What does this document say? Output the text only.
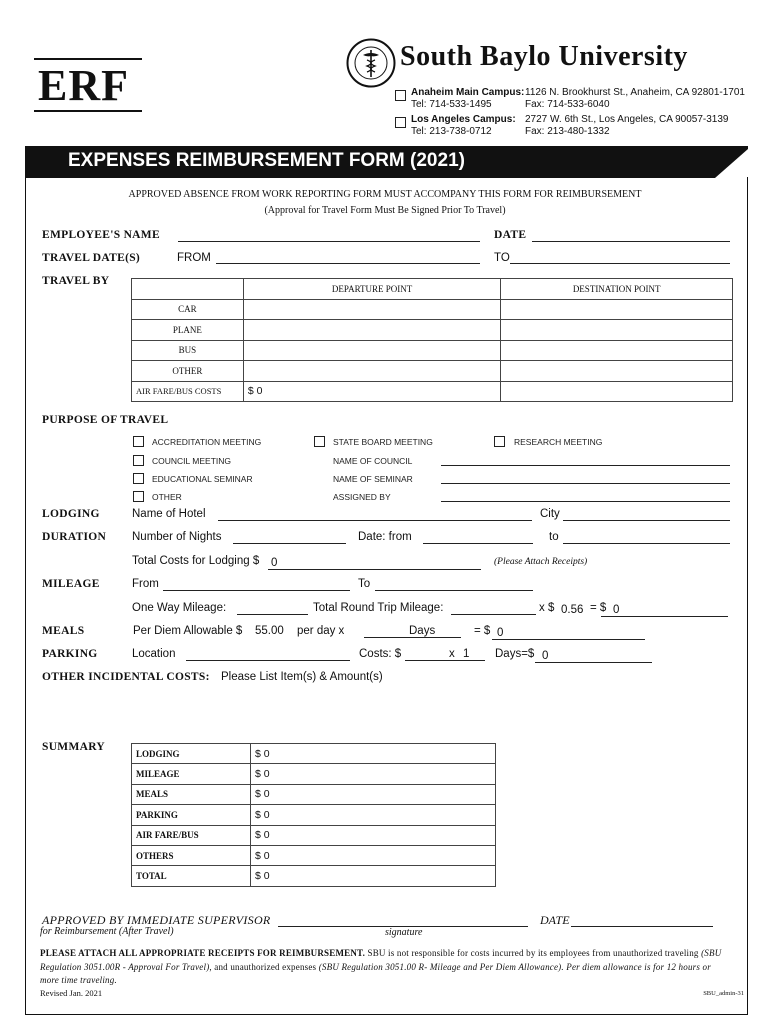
ERF
South Baylo University
Anaheim Main Campus: 1126 N. Brookhurst St., Anaheim, CA 92801-1701
Tel: 714-533-1495	Fax: 714-533-6040
Los Angeles Campus: 2727 W. 6th St., Los Angeles, CA 90057-3139
Tel: 213-738-0712	Fax: 213-480-1332
EXPENSES REIMBURSEMENT FORM (2021)
APPROVED ABSENCE FROM WORK REPORTING FORM MUST ACCOMPANY THIS FORM FOR REIMBURSEMENT
(Approval for Travel Form Must Be Signed Prior To Travel)
EMPLOYEE'S NAME	DATE
TRAVEL DATE(S)	FROM	TO
TRAVEL BY
	DEPARTURE POINT	DESTINATION POINT
CAR		
PLANE		
BUS		
OTHER		
AIR FARE/BUS COSTS	$ 0	
PURPOSE OF TRAVEL
ACCREDITATION MEETING	STATE BOARD MEETING	RESEARCH MEETING
COUNCIL MEETING	NAME OF COUNCIL
EDUCATIONAL SEMINAR	NAME OF SEMINAR
OTHER	ASSIGNED BY
LODGING	Name of Hotel	City
DURATION Number of Nights	Date: from	to
Total Costs for Lodging $ 0	(Please Attach Receipts)
MILEAGE	From	To
One Way Mileage:	Total Round Trip Mileage:	x $ 0.56 = $ 0
MEALS	Per Diem Allowable $ 55.00 per day x	Days	= $ 0
PARKING	Location	Costs: $	x 1 Days=$ 0
OTHER INCIDENTAL COSTS: Please List Item(s) & Amount(s)
SUMMARY
LODGING	$ 0
MILEAGE	$ 0
MEALS	$ 0
PARKING	$ 0
AIR FARE/BUS	$ 0
OTHERS	$ 0
TOTAL	$ 0
APPROVED BY IMMEDIATE SUPERVISOR
for Reimbursement (After Travel)	signature
DATE
PLEASE ATTACH ALL APPROPRIATE RECEIPTS FOR REIMBURSEMENT. SBU is not responsible for costs incurred by its employees from unauthorized traveling (SBU Regulation 3051.00R - Approval For Travel), and unauthorized expenses (SBU Regulation 3051.00 R- Mileage and Per Diem Allowance). Per diem allowance is for 12 hours or more time traveling.
Revised Jan. 2021	SBU_admin-31
